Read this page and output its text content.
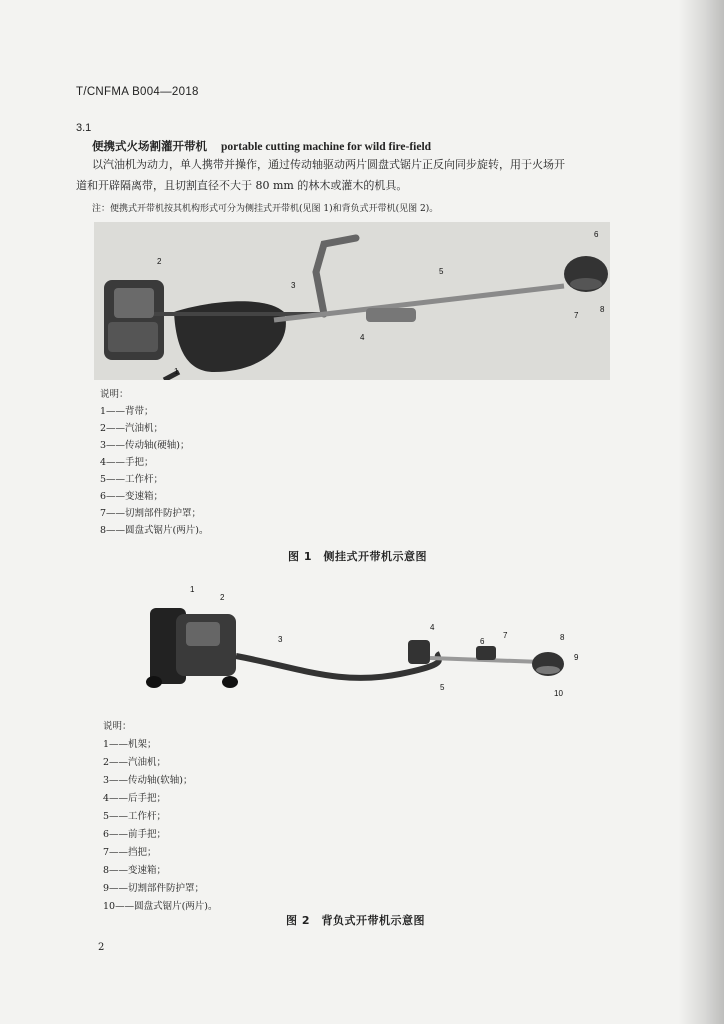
T/CNFMA B004—2018
3.1
便携式火场割灌开带机 portable cutting machine for wild fire-field
以汽油机为动力，单人携带并操作，通过传动轴驱动两片圆盘式锯片正反向同步旋转，用于火场开
道和开辟隔离带，且切割直径不大于 80 mm 的林木或灌木的机具。
注：便携式开带机按其机构形式可分为侧挂式开带机(见图 1)和背负式开带机(见图 2)。
1
2
3
4
5
6
7
8
说明：
1——背带；
2——汽油机；
3——传动轴(硬轴)；
4——手把；
5——工作杆；
6——变速箱；
7——切割部件防护罩；
8——圆盘式锯片(两片)。
图 1　侧挂式开带机示意图
1
2
3
4
5
6
7	8
9
10
说明：
1——机架；
2——汽油机；
3——传动轴(软轴)；
4——后手把；
5——工作杆；
6——前手把；
7——挡把；
8——变速箱；
9——切割部件防护罩；
10——圆盘式锯片(两片)。
图 2　背负式开带机示意图
2
